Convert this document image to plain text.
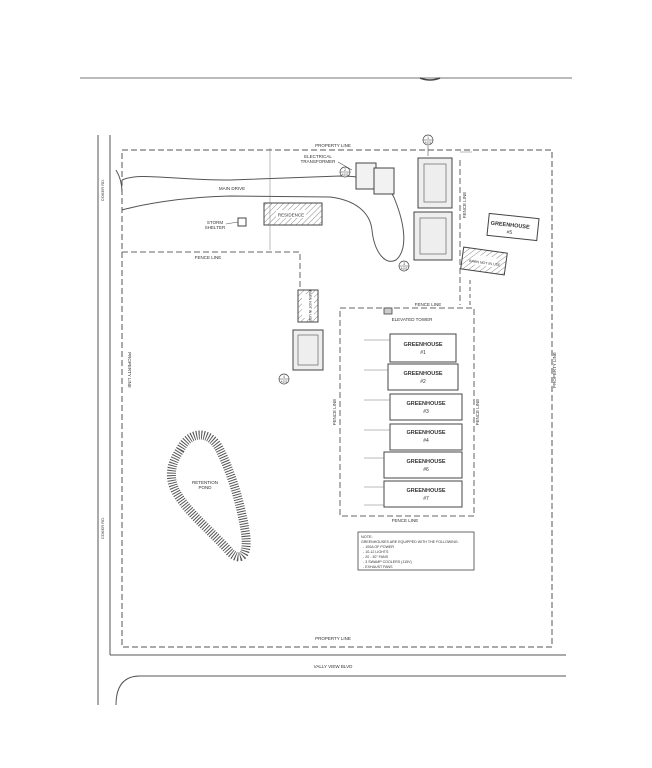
RESIDENCE
STORM
SHELTER
ELECTRICAL
TRANSFORMER
FENCE LINE
GREENHOUSE
#5
BARN NOT IN USE
BARN NOT IN USE	FENCE LINE
FENCE LINE
FENCE LINE	FENCE LINE
ELEVATED TOWER
GREENHOUSE
#1
GREENHOUSE
#2
GREENHOUSE
#3
GREENHOUSE
#4
GREENHOUSE
#6
GREENHOUSE
#7
RETENTION
POND
NOTE:
GREENHOUSES ARE EQUIPPED WITH THE FOLLOWING:
- 100A OF POWER
- 10-12 LIGHTS
- 20 - 30" FANS
- 3 SWAMP COOLERS (115V)
- EXHAUST FANS
PROPERTY LINE
PROPERTY LINE
PROPERTY LINE	PROPERTY LINE
COKER RD.
COKER RD.
MAIN DRIVE
FENCE LINE
VALLY VIEW BLVD
1
A102
2
A102
3
A102
4
A102
